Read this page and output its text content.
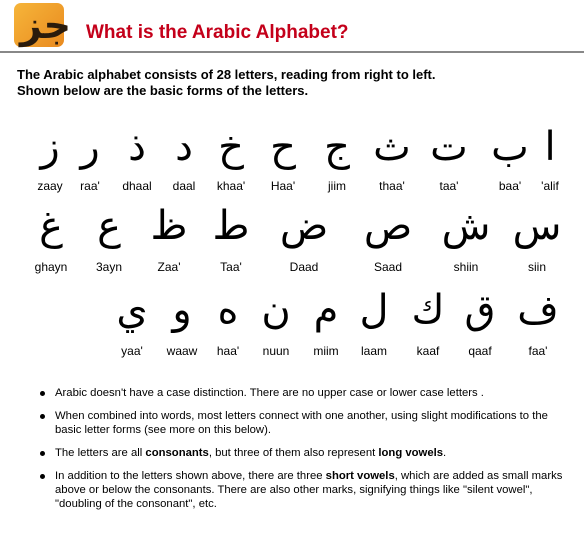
جز What is the Arabic Alphabet?
The Arabic alphabet consists of 28 letters, reading from right to left.
Shown below are the basic forms of the letters.
ا
'alif
ب
baa'
ت
taa'
ث
thaa'
ج
jiim
ح
Haa'
خ
khaa'
د
daal
ذ
dhaal
ر
raa'
ز
zaay
س
siin
ش
shiin
ص
Saad
ض
Daad
ط
Taa'
ظ
Zaa'
ع
3ayn
غ
ghayn
ف
faa'
ق
qaaf
ك
kaaf
ل
laam
م
miim
ن
nuun
ه
haa'
و
waaw
ي
yaa'
Arabic doesn't have a case distinction. There are no upper case or lower case letters .
When combined into words, most letters connect with one another, using slight modifications to the basic letter forms (see more on this below).
The letters are all consonants, but three of them also represent long vowels.
In addition to the letters shown above, there are three short vowels, which are added as small marks above or below the consonants. There are also other marks, signifying things like "silent vowel", "doubling of the consonant", etc.
